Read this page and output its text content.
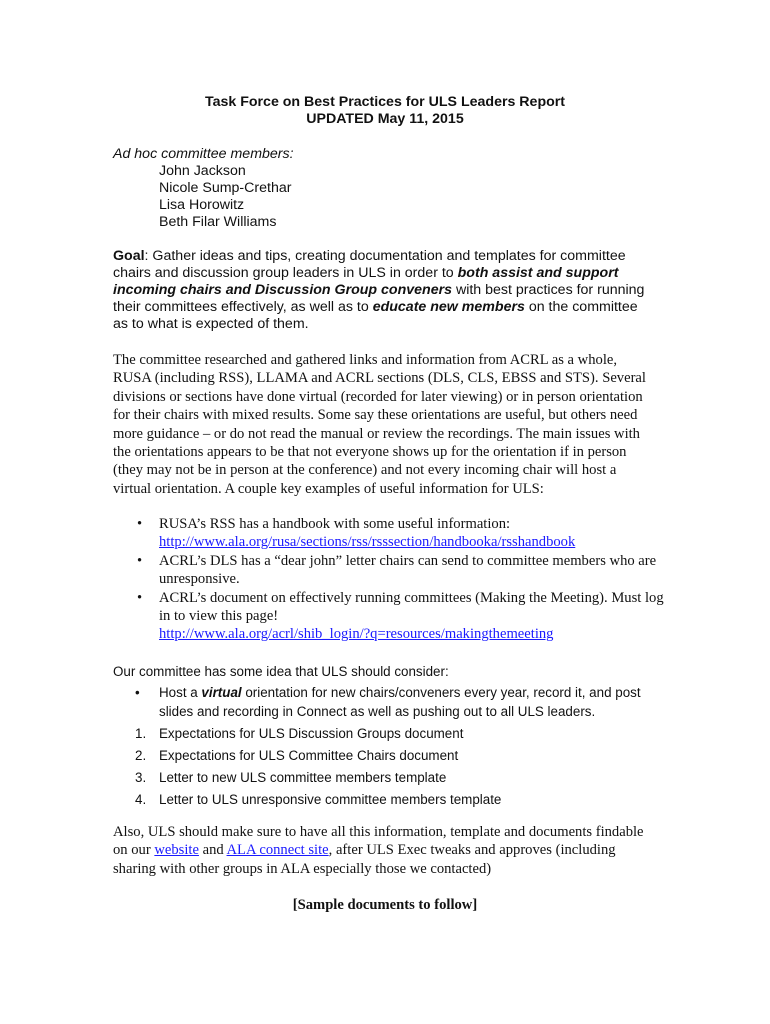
Task Force on Best Practices for ULS Leaders Report
UPDATED May 11, 2015
Ad hoc committee members:
John Jackson
Nicole Sump-Crethar
Lisa Horowitz
Beth Filar Williams

Goal: Gather ideas and tips, creating documentation and templates for committee chairs and discussion group leaders in ULS in order to both assist and support incoming chairs and Discussion Group conveners with best practices for running their committees effectively, as well as to educate new members on the committee as to what is expected of them.

The committee researched and gathered links and information from ACRL as a whole, RUSA (including RSS), LLAMA and ACRL sections (DLS, CLS, EBSS and STS). Several divisions or sections have done virtual (recorded for later viewing) or in person orientation for their chairs with mixed results. Some say these orientations are useful, but others need more guidance – or do not read the manual or review the recordings. The main issues with the orientations appears to be that not everyone shows up for the orientation if in person (they may not be in person at the conference) and not every incoming chair will host a virtual orientation. A couple key examples of useful information for ULS:

• RUSA’s RSS has a handbook with some useful information:
http://www.ala.org/rusa/sections/rss/rsssection/handbooka/rsshandbook
• ACRL’s DLS has a “dear john” letter chairs can send to committee members who are unresponsive.
• ACRL’s document on effectively running committees (Making the Meeting). Must log in to view this page!
http://www.ala.org/acrl/shib_login/?q=resources/makingthemeeting
Our committee has some idea that ULS should consider:
• Host a virtual orientation for new chairs/conveners every year, record it, and post slides and recording in Connect as well as pushing out to all ULS leaders.
1. Expectations for ULS Discussion Groups document
2. Expectations for ULS Committee Chairs document
3. Letter to new ULS committee members template
4. Letter to ULS unresponsive committee members template

Also, ULS should make sure to have all this information, template and documents findable on our website and ALA connect site, after ULS Exec tweaks and approves (including sharing with other groups in ALA especially those we contacted)

[Sample documents to follow]
